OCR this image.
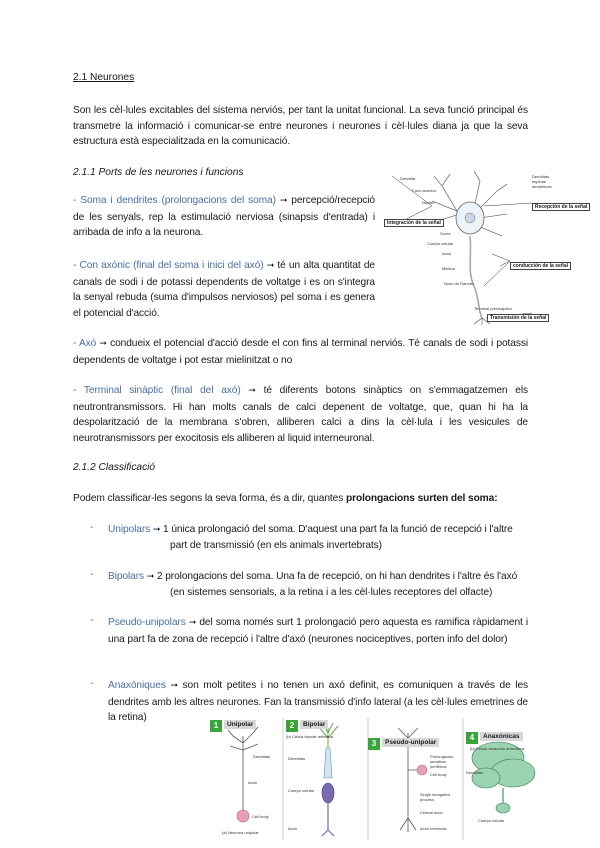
2.1 Neurones
Son les cèl·lules excitables del sistema nerviós, per tant la unitat funcional. La seva funció principal és transmetre la informació i comunicar-se entre neurones i neurones i cèl·lules diana ja que la seva estructura està especialitzada en la comunicació.
2.1.1 Ports de les neurones i funcions
- Soma i dendrites (prolongacions del soma) ➞ percepció/recepció de les senyals, rep la estimulació nerviosa (sinapsis d'entrada) i arribada de info a la neurona.
- Con axònic (final del soma i inici del axó) ➞ té un alta quantitat de canals de sodi i de potassi dependents de voltatge i es on s'integra la senyal rebuda (suma d'impulsos nerviosos) pel soma i es genera el potencial d'acció.
- Axó ➞ condueix el potencial d'acció desde el con fins al terminal nerviós. Té canals de sodi i potassi dependents de voltatge i pot estar mielinitzat o no
- Terminal sinàptic (final del axó) ➞ té diferents botons sinàptics on s'emmagatzemen els neutrontransmissors. Hi han molts canals de calci depenent de voltatge, que, quan hi ha la despolarització de la membrana s'obren, alliberen calci a dins la cèl·lula i les vesicules de neurotransmissors per exocitosis els alliberen al liquid interneuronal.
Integración de la señal
Recepción de la señal
conducción de la señal
Transmisión de la señal
Dendrita
Cono axónico
Núcleo
Soma
Dendritas espinas dendríticas
Axón
Mielina
Cuerpo celular
Nodo de Ranvier
Terminal presináptico
2.1.2 Classificació
Podem classificar-les segons la seva forma, és a dir, quantes prolongacions surten del soma:
- Unipolars ➞ 1 única prolongació del soma. D'aquest una part fa la funció de recepció i l'altre
part de transmissió (en els animals invertebrats)
- Bipolars ➞ 2 prolongacions del soma. Una fa de recepció, on hi han dendrites i l'altre és l'axó
(en sistemes sensorials, a la retina i a les cèl·lules receptores del olfacte)
- Pseudo-unipolars ➞ del soma només surt 1 prolongació pero aquesta es ramifica ràpidament i una part fa de zona de recepció i l'altre d'axó (neurones nociceptives, porten info del dolor)
- Anaxòniques ➞ son molt petites i no tenen un axó definit, es comuniquen a través de les dendrites amb les altres neurones. Fan la transmissió d'info lateral (a les cèl·lules emetrines de la retina)
1	Unipolar	2	Bipolar
3	Pseudo-unipolar
4	Anaxónicas
Dendritas
Axón
Cell body
(a) Neurona unipolar
(b) Célula bipolar retiniana
Dendritas
Cuerpo celular
Axón
Prolongación sensitiva periférica
Cell body
Single elongated process
Central axon
Axon terminals
(b) Célula amacrina anaxónica
Dendritas
Cuerpo celular
